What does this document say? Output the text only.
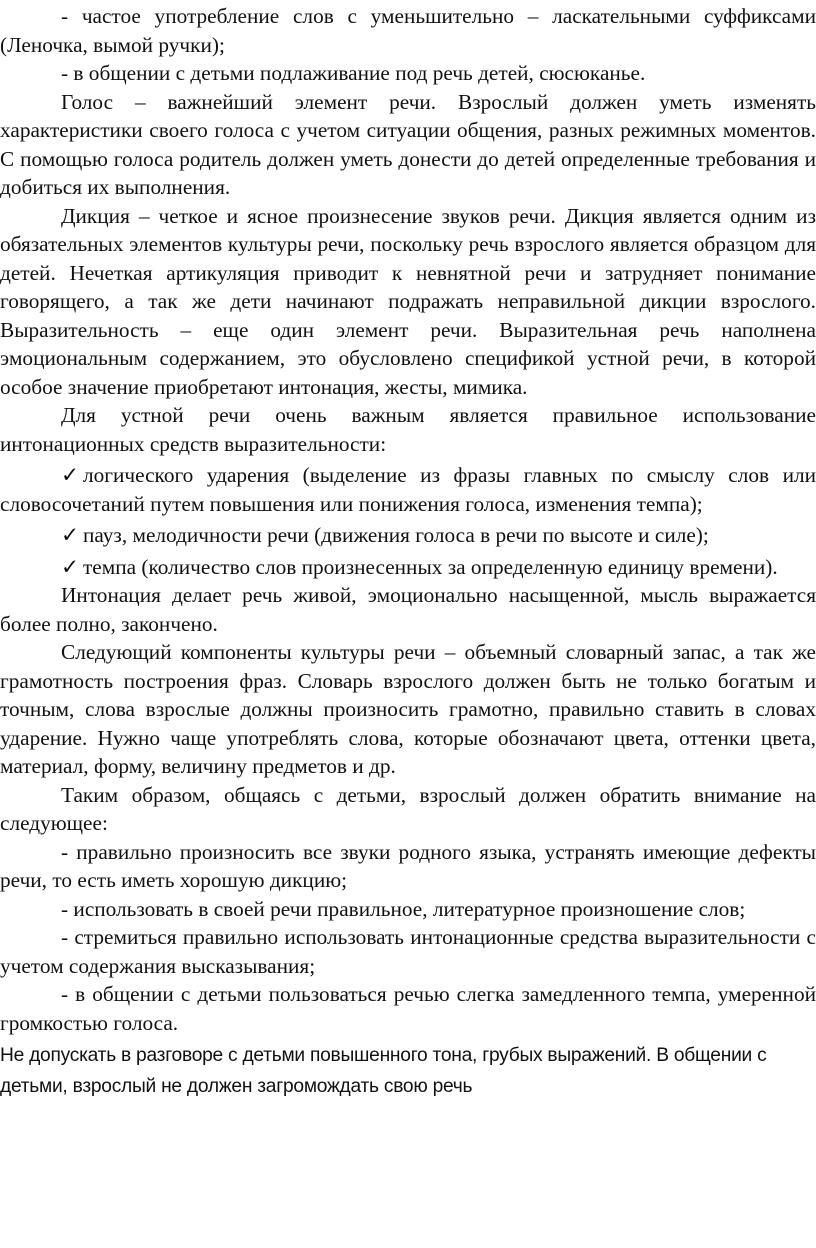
- частое употребление слов с уменьшительно – ласкательными суффиксами (Леночка, вымой ручки);

- в общении с детьми подлаживание под речь детей, сюсюканье.

Голос – важнейший элемент речи. Взрослый должен уметь изменять характеристики своего голоса с учетом ситуации общения, разных режимных моментов. С помощью голоса родитель должен уметь донести до детей определенные требования и добиться их выполнения.

Дикция – четкое и ясное произнесение звуков речи. Дикция является одним из обязательных элементов культуры речи, поскольку речь взрослого является образцом для детей. Нечеткая артикуляция приводит к невнятной речи и затрудняет понимание говорящего, а так же дети начинают подражать неправильной дикции взрослого. Выразительность – еще один элемент речи. Выразительная речь наполнена эмоциональным содержанием, это обусловлено спецификой устной речи, в которой особое значение приобретают интонация, жесты, мимика.

Для устной речи очень важным является правильное использование интонационных средств выразительности:

✓ логического ударения (выделение из фразы главных по смыслу слов или словосочетаний путем повышения или понижения голоса, изменения темпа);

✓ пауз, мелодичности речи (движения голоса в речи по высоте и силе);

✓ темпа (количество слов произнесенных за определенную единицу времени).

Интонация делает речь живой, эмоционально насыщенной, мысль выражается более полно, закончено.

Следующий компоненты культуры речи – объемный словарный запас, а так же грамотность построения фраз. Словарь взрослого должен быть не только богатым и точным, слова взрослые должны произносить грамотно, правильно ставить в словах ударение. Нужно чаще употреблять слова, которые обозначают цвета, оттенки цвета, материал, форму, величину предметов и др.

Таким образом, общаясь с детьми, взрослый должен обратить внимание на следующее:

- правильно произносить все звуки родного языка, устранять имеющие дефекты речи, то есть иметь хорошую дикцию;

- использовать в своей речи правильное, литературное произношение слов;

- стремиться правильно использовать интонационные средства выразительности с учетом содержания высказывания;

- в общении с детьми пользоваться речью слегка замедленного темпа, умеренной громкостью голоса.

Не допускать в разговоре с детьми повышенного тона, грубых выражений. В общении с детьми, взрослый не должен загромождать свою речь
